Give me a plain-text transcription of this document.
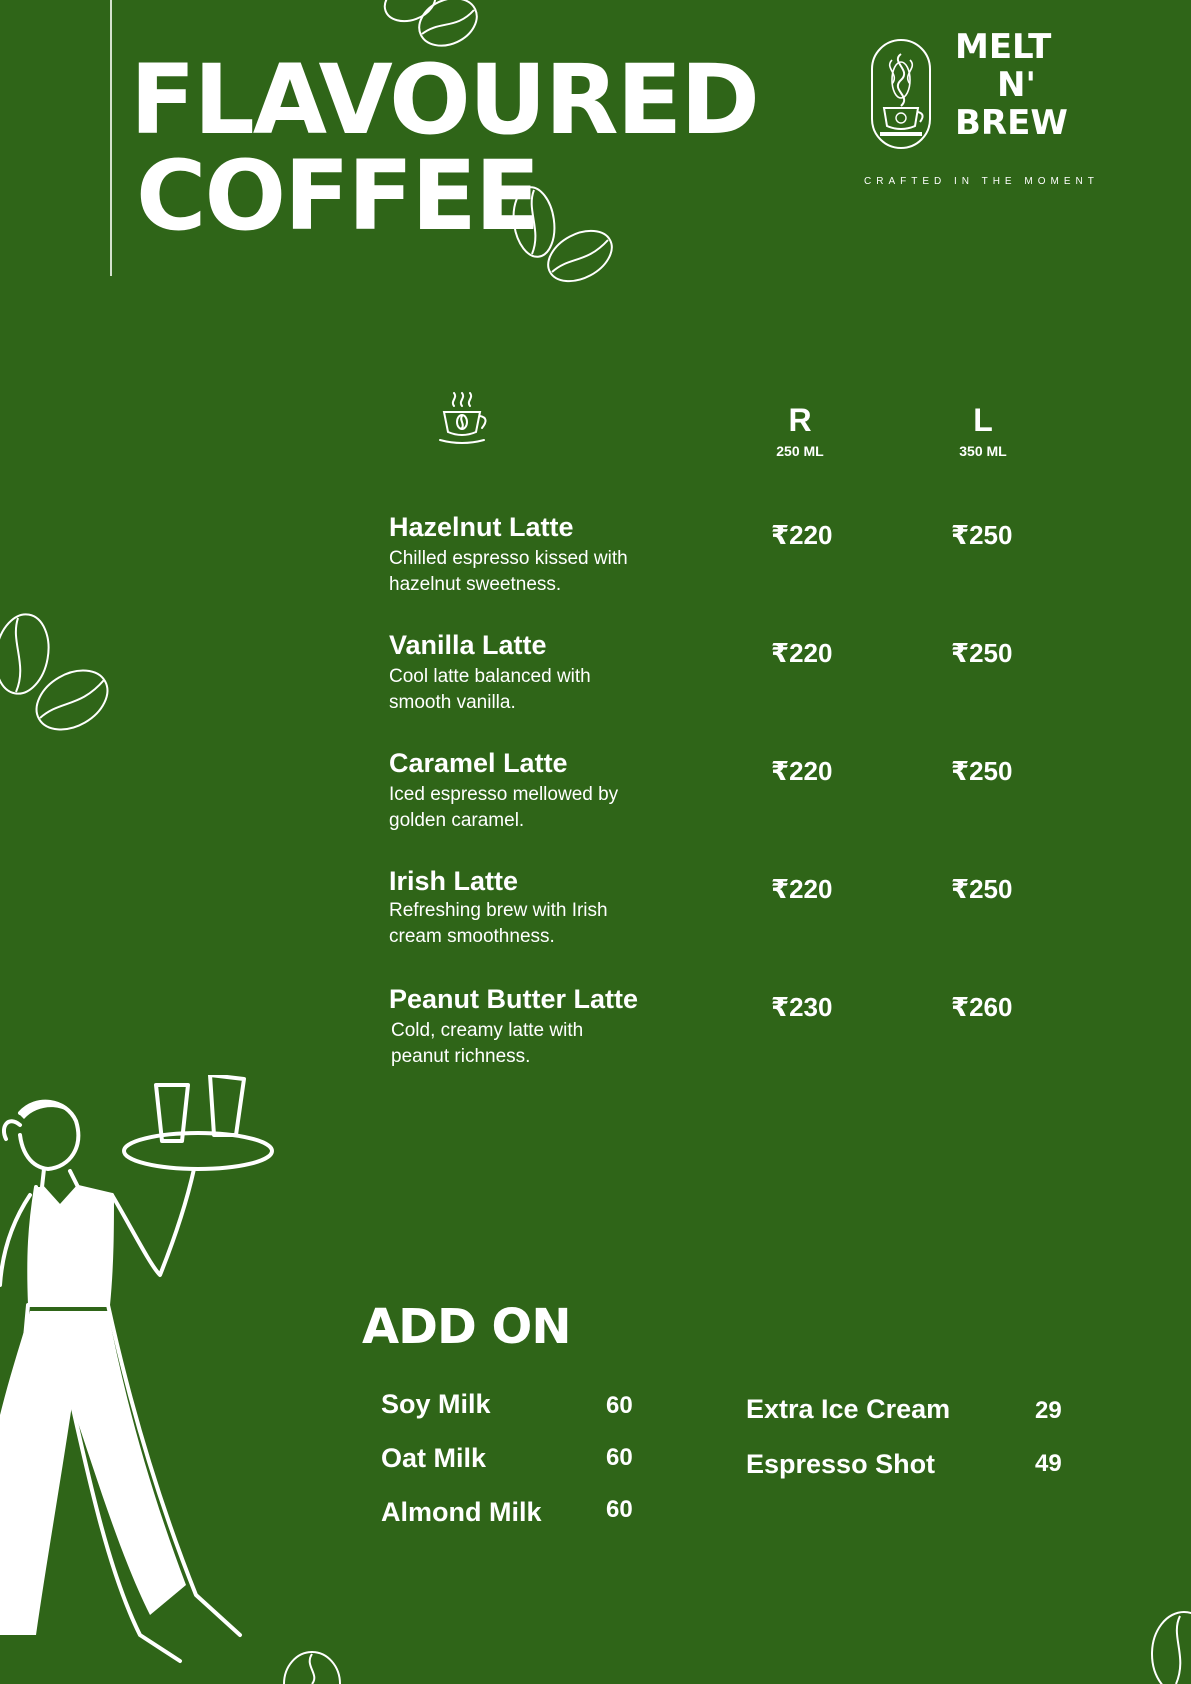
FLAVOURED
COFFEE
MELT
N'
BREW
CRAFTED IN THE MOMENT
R
250 ML
L
350 ML
Hazelnut Latte
Chilled espresso kissed with
hazelnut sweetness.
₹220	₹250
Vanilla Latte
Cool latte balanced with
smooth vanilla.
₹220	₹250
Caramel Latte
Iced espresso mellowed by
golden caramel.
₹220	₹250
Irish Latte
Refreshing brew with Irish
cream smoothness.
₹220	₹250
Peanut Butter Latte
Cold, creamy latte with
peanut richness.
₹230	₹260
ADD ON
Soy Milk	60
Oat Milk	60
Almond Milk	60
Extra Ice Cream	29
Espresso Shot	49
